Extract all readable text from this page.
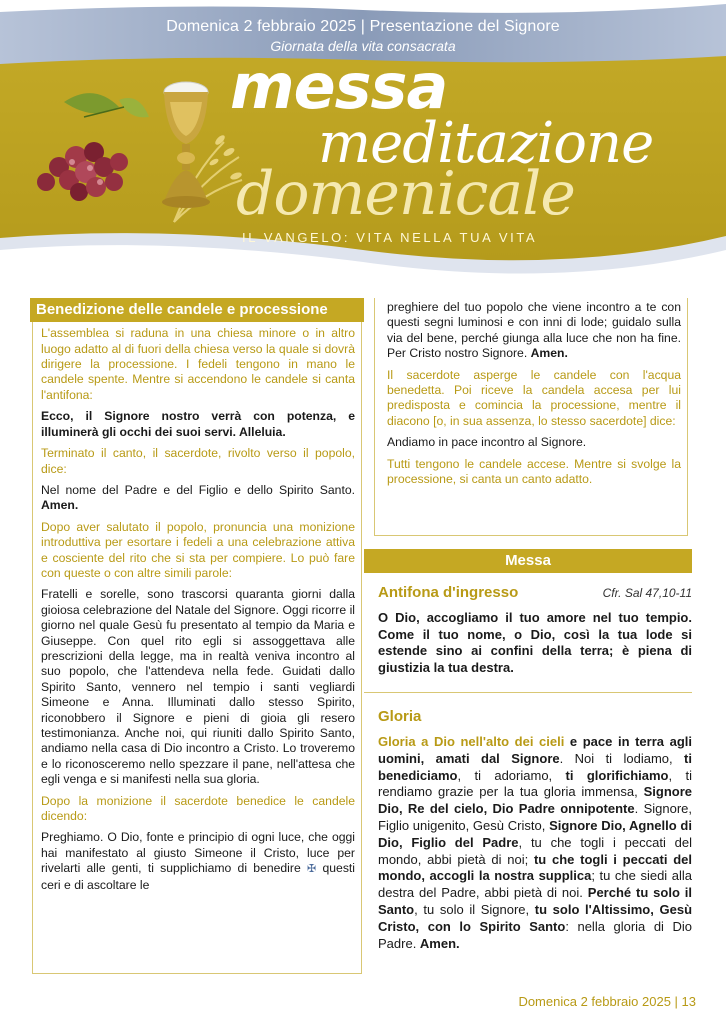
Domenica 2 febbraio 2025 | Presentazione del Signore
Giornata della vita consacrata
messa
meditazione
domenicale
IL VANGELO: VITA NELLA TUA VITA
Benedizione delle candele e processione

L'assemblea si raduna in una chiesa minore o in altro luogo adatto al di fuori della chiesa verso la quale si dovrà dirigere la processione. I fedeli tengono in mano le candele spente. Mentre si accendono le candele si canta l'antifona:

Ecco, il Signore nostro verrà con potenza, e illuminerà gli occhi dei suoi servi. Alleluia.

Terminato il canto, il sacerdote, rivolto verso il popolo, dice:

Nel nome del Padre e del Figlio e dello Spirito Santo. Amen.

Dopo aver salutato il popolo, pronuncia una monizione introduttiva per esortare i fedeli a una celebrazione attiva e cosciente del rito che si sta per compiere. Lo può fare con queste o con altre simili parole:

Fratelli e sorelle, sono trascorsi quaranta giorni dalla gioiosa celebrazione del Natale del Signore. Oggi ricorre il giorno nel quale Gesù fu presentato al tempio da Maria e Giuseppe. Con quel rito egli si assoggettava alle prescrizioni della legge, ma in realtà veniva incontro al suo popolo, che l'attendeva nella fede. Guidati dallo Spirito Santo, vennero nel tempio i santi vegliardi Simeone e Anna. Illuminati dallo stesso Spirito, riconobbero il Signore e pieni di gioia gli resero testimonianza. Anche noi, qui riuniti dallo Spirito Santo, andiamo nella casa di Dio incontro a Cristo. Lo troveremo e lo riconosceremo nello spezzare il pane, nell'attesa che egli venga e si manifesti nella sua gloria.

Dopo la monizione il sacerdote benedice le candele dicendo:

Preghiamo. O Dio, fonte e principio di ogni luce, che oggi hai manifestato al giusto Simeone il Cristo, luce per rivelarti alle genti, ti supplichiamo di benedire ✠ questi ceri e di ascoltare le

preghiere del tuo popolo che viene incontro a te con questi segni luminosi e con inni di lode; guidalo sulla via del bene, perché giunga alla luce che non ha fine. Per Cristo nostro Signore. Amen.

Il sacerdote asperge le candele con l'acqua benedetta. Poi riceve la candela accesa per lui predisposta e comincia la processione, mentre il diacono [o, in sua assenza, lo stesso sacerdote] dice:

Andiamo in pace incontro al Signore.

Tutti tengono le candele accese. Mentre si svolge la processione, si canta un canto adatto.

Messa
Antifona d'ingresso	Cfr. Sal 47,10-11

O Dio, accogliamo il tuo amore nel tuo tempio. Come il tuo nome, o Dio, così la tua lode si estende sino ai confini della terra; è piena di giustizia la tua destra.

Gloria

Gloria a Dio nell'alto dei cieli e pace in terra agli uomini, amati dal Signore. Noi ti lodiamo, ti benediciamo, ti adoriamo, ti glorifichiamo, ti rendiamo grazie per la tua gloria immensa, Signore Dio, Re del cielo, Dio Padre onnipotente. Signore, Figlio unigenito, Gesù Cristo, Signore Dio, Agnello di Dio, Figlio del Padre, tu che togli i peccati del mondo, abbi pietà di noi; tu che togli i peccati del mondo, accogli la nostra supplica; tu che siedi alla destra del Padre, abbi pietà di noi. Perché tu solo il Santo, tu solo il Signore, tu solo l'Altissimo, Gesù Cristo, con lo Spirito Santo: nella gloria di Dio Padre. Amen.

Domenica 2 febbraio 2025 | 13
